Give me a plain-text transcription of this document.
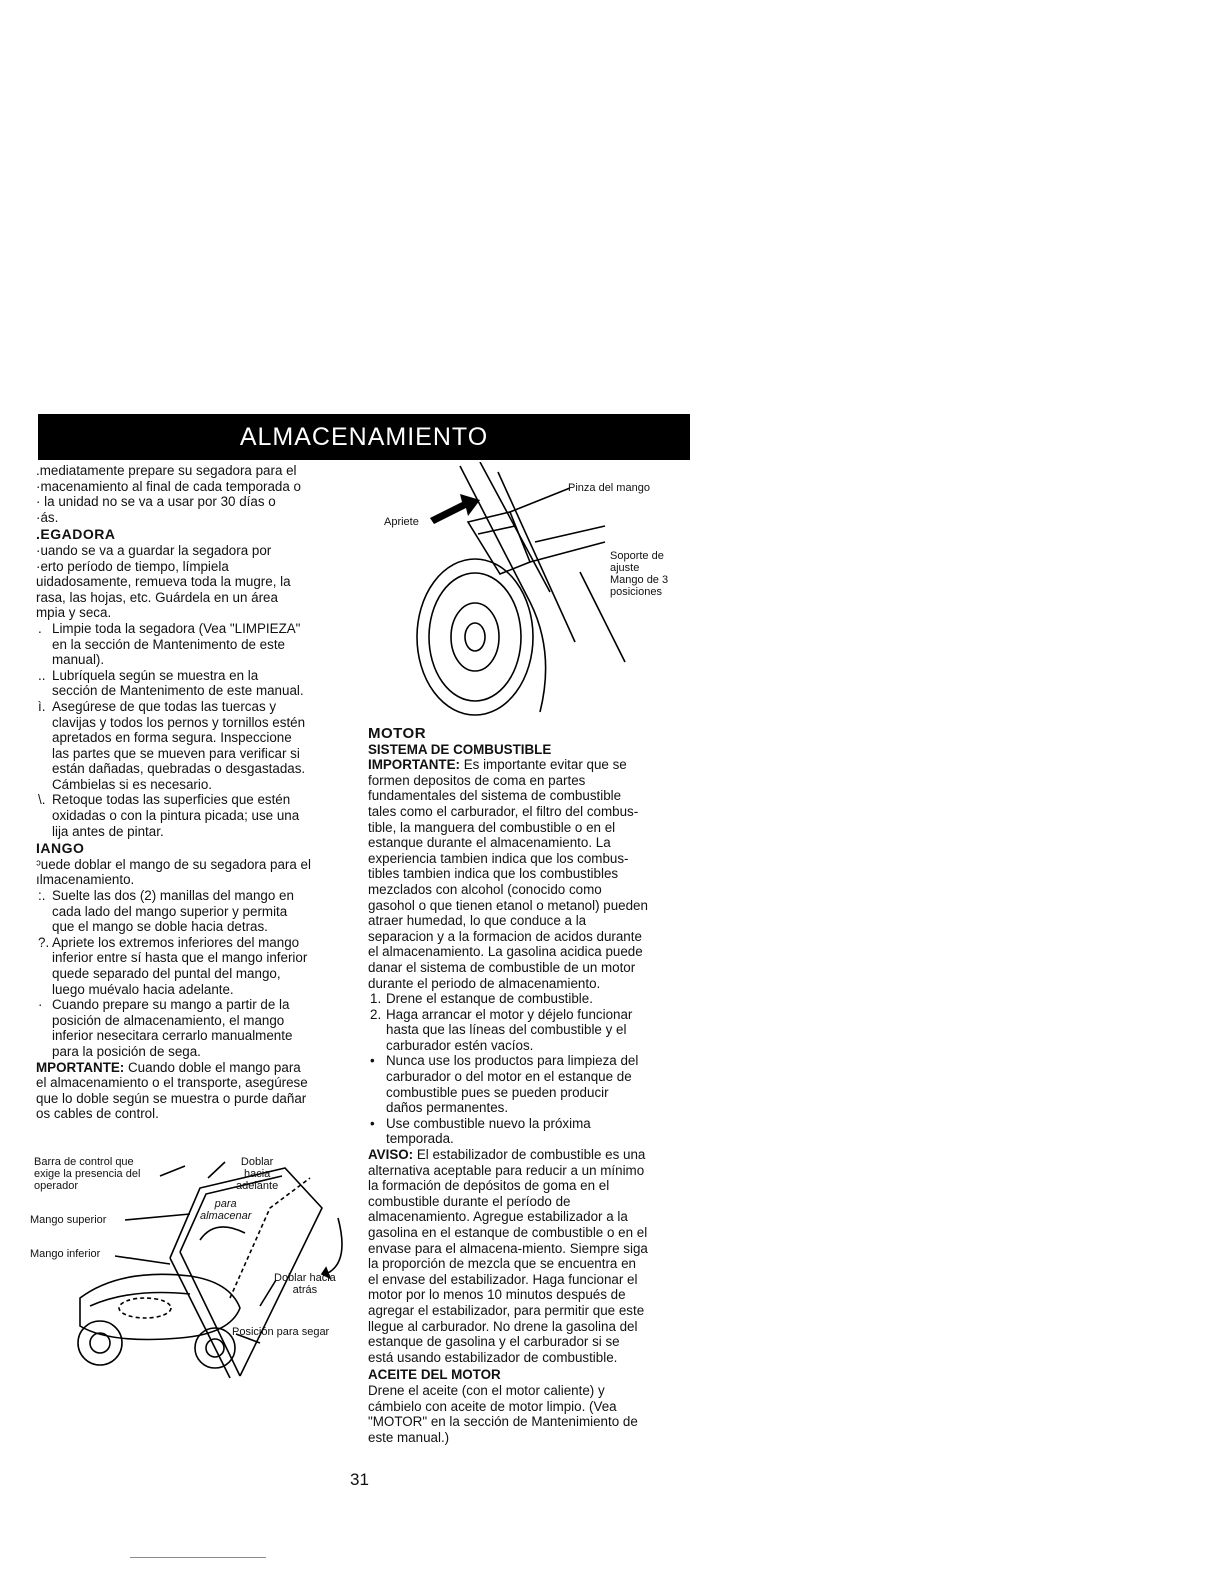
ALMACENAMIENTO

.mediatamente prepare su segadora para el
·macenamiento al final de cada temporada o
· la unidad no se va a usar por 30 días o
·ás.

.EGADORA

·uando se va a guardar la segadora por
·erto período de tiempo, límpiela
uidadosamente, remueva toda la mugre, la
rasa, las hojas, etc. Guárdela en un área
mpia y seca.

. Limpie toda la segadora (Vea "LIMPIEZA"
en la sección de Mantenimento de este
manual).
.. Lubríquela según se muestra en la
sección de Mantenimento de este manual.
ì. Asegúrese de que todas las tuercas y
clavijas y todos los pernos y tornillos estén
apretados en forma segura. Inspeccione
las partes que se mueven para verificar si
están dañadas, quebradas o desgastadas.
Cámbielas si es necesario.
\. Retoque todas las superficies que estén
oxidadas o con la pintura picada; use una
lija antes de pintar.

IANGO

ᵓuede doblar el mango de su segadora para el
ılmacenamiento.

:. Suelte las dos (2) manillas del mango en
cada lado del mango superior y permita
que el mango se doble hacia detras.
?. Apriete los extremos inferiores del mango
inferior entre sí hasta que el mango inferior
quede separado del puntal del mango,
luego muévalo hacia adelante.
· Cuando prepare su mango a partir de la
posición de almacenamiento, el mango
inferior nesecitara cerrarlo manualmente
para la posición de sega.

MPORTANTE: Cuando doble el mango para
el almacenamiento o el transporte, asegúrese
que lo doble según se muestra o purde dañar
os cables de control.

Barra de control que
exige la presencia del
operador
Mango superior
Mango inferior
Doblar
hacia
adelante
para
almacenar
Doblar hacia
atrás
Posición para segar
Pinza del mango
Apriete
Soporte de
ajuste
Mango de 3
posiciones

MOTOR

SISTEMA DE COMBUSTIBLE

IMPORTANTE: Es importante evitar que se
formen depositos de coma en partes
fundamentales del sistema de combustible
tales como el carburador, el filtro del combus-
tible, la manguera del combustible o en el
estanque durante el almacenamiento. La
experiencia tambien indica que los combus-
tibles tambien indica que los combustibles
mezclados con alcohol (conocido como
gasohol o que tienen etanol o metanol) pueden
atraer humedad, lo que conduce a la
separacion y a la formacion de acidos durante
el almacenamiento. La gasolina acidica puede
danar el sistema de combustible de un motor
durante el periodo de almacenamiento.

1. Drene el estanque de combustible.
2. Haga arrancar el motor y déjelo funcionar
hasta que las líneas del combustible y el
carburador estén vacíos.
• Nunca use los productos para limpieza del
carburador o del motor en el estanque de
combustible pues se pueden producir
daños permanentes.
• Use combustible nuevo la próxima
temporada.

AVISO: El estabilizador de combustible es una
alternativa aceptable para reducir a un mínimo
la formación de depósitos de goma en el
combustible durante el período de
almacenamiento. Agregue estabilizador a la
gasolina en el estanque de combustible o en el
envase para el almacena-miento. Siempre siga
la proporción de mezcla que se encuentra en
el envase del estabilizador. Haga funcionar el
motor por lo menos 10 minutos después de
agregar el estabilizador, para permitir que este
llegue al carburador. No drene la gasolina del
estanque de gasolina y el carburador si se
está usando estabilizador de combustible.

ACEITE DEL MOTOR

Drene el aceite (con el motor caliente) y
cámbielo con aceite de motor limpio. (Vea
"MOTOR" en la sección de Mantenimiento de
este manual.)

31
